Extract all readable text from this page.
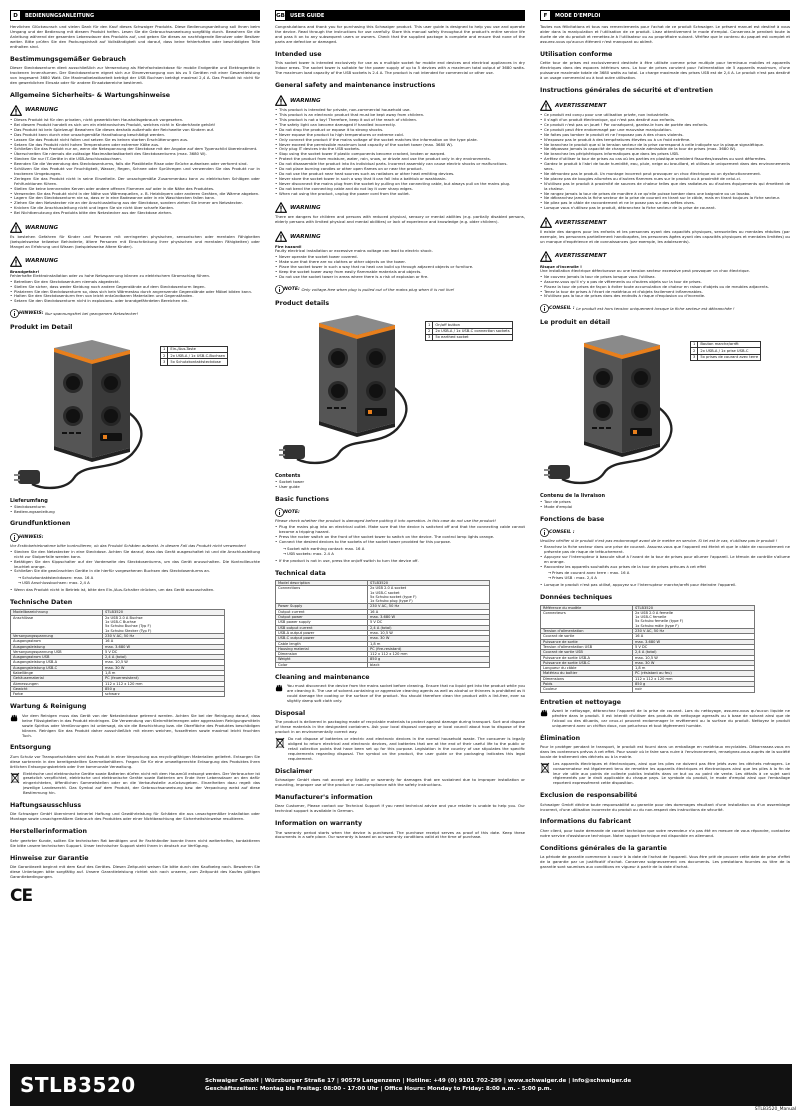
D	BEDIENUNGSANLEITUNG

Herzlichen Glückwunsch und vielen Dank für den Kauf dieses Schwaiger Produkts. Diese Bedienungsanleitung soll Ihnen beim Umgang und der Bedienung mit diesem Produkt helfen. Lesen Sie die Gebrauchsanweisung sorgfältig durch. Bewahren Sie die Anleitung während der gesamten Lebensdauer des Produkts auf, und geben Sie dieses an nachfolgende Benutzer oder Besitzer weiter. Bitte prüfen Sie den Packungsinhalt auf Vollständigkeit und darauf, dass keine fehlerhaften oder beschädigten Teile enthalten sind.

Bestimmungsgemäßer Gebrauch

Dieser Steckdosenturm dient ausschließlich zur Verwendung als Mehrfachsteckdose für mobile Endgeräte und Elektrogeräte in trockenen Innenräumen. Der Steckdosenturm eignet sich zur Stromversorgung von bis zu 5 Geräten mit einer Gesamtleistung von insgesamt 3680 Watt. Die Maximalbelastbarkeit beträgt der USB Buchsen beträgt maximal 2,4 A. Das Produkt ist nicht für den gewerblichen Einsatz oder für andere Einsatzbereiche bestimmt.

Allgemeine Sicherheits- & Wartungshinweise
WARNUNG
• Dieses Produkt ist für den privaten, nicht gewerblichen Haushaltsgebrauch vorgesehen.
• Bei diesem Produkt handelt es sich um ein elektronisches Produkt, welches nicht in Kinderhände gehört!
• Das Produkt ist kein Spielzeug! Bewahren Sie dieses deshalb außerhalb der Reichweite von Kindern auf.
• Das Produkt kann durch eine unsachgemäße Handhabung beschädigt werden.
• Lassen Sie das Produkt nicht fallen und setzen Sie es keinen starken Erschütterungen aus.
• Setzen Sie das Produkt nicht hohen Temperaturen oder extremer Kälte aus.
• Schließen Sie das Produkt nur an, wenn die Netzspannung der Steckdose mit der Angabe auf dem Typenschild übereinstimmt.
• Überschreiten Sie niemals die zulässige Maximalbelastbarkeit des Steckdosenturms (max. 3680 W).
• Stecken Sie nur IT-Geräte in die USB-Anschlussbuchsen.
• Beenden Sie die Verwendung des Steckdosenturms, falls die Plastikteile Risse oder Brüche aufweisen oder verformt sind.
• Schützen Sie das Produkt vor Feuchtigkeit, Wasser, Regen, Schnee oder Sprühregen und verwenden Sie das Produkt nur in trockenen Umgebungen.
• Zerlegen Sie das Produkt nicht in seine Einzelteile. Der unsachgemäße Zusammenbau kann zu elektrischen Schlägen oder Fehlfunktionen führen.
• Stellen Sie keine brennenden Kerzen oder andere offenen Flammen auf oder in die Nähe des Produktes.
• Verwenden Sie das Produkt nicht in der Nähe von Wärmequellen, z. B. Heizkörpern oder anderen Geräten, die Wärme abgeben.
• Lagern Sie den Steckdosenturm nie so, dass er in eine Badewanne oder in ein Waschbecken fallen kann.
• Ziehen Sie den Netzstecker nie an der Anschlussleitung aus der Steckdose, sondern ziehen Sie immer am Netzstecker.
• Knicken Sie die Anschlussleitung nicht und legen Sie sie nicht über scharfe Kanten.
• Bei Nichtbenutzung des Produkts bitte den Netzstecker aus der Steckdose ziehen.
WARNUNG

Es bestehen Gefahren für Kinder und Personen mit verringerten physischen, sensorischen oder mentalen Fähigkeiten (beispielsweise teilweise Behinderte, ältere Personen mit Einschränkung ihrer physischen und mentalen Fähigkeiten) oder Mangel an Erfahrung und Wissen (beispielsweise ältere Kinder).

WARNUNG
Brandgefahr!

Fehlerhafte Elektroinstallation oder zu hohe Netzspannung können zu elektrischem Stromschlag führen.

• Betreiben Sie den Steckdosenturm niemals abgedeckt.
• Stellen Sie sicher, dass weder Kleidung noch andere Gegenstände auf dem Steckdosenturm liegen.
• Platzieren Sie den Steckdosenturm so, dass sich kein Wärmestau durch angrenzende Gegenstände oder Möbel bilden kann.
• Halten Sie den Steckdosenturm fern von leicht entzündbaren Materialien und Gegenständen.
• Setzen Sie den Steckdosenturm nicht in explosions- oder brandgefährdeten Bereichen ein.
HINWEIS:
Nur spannungsfrei bei gezogenem Netzstecker!
Produkt im Detail
1	Ein-/Aus-Taste
2	2x USB-A / 1x USB-C-Buchsen
3	5x Schutzkontaktsteckdose
Lieferumfang
• Steckdosenturm
• Bedienungsanleitung
Grundfunktionen
HINWEIS:

Vor Erstinbetriebnahme bitte kontrollieren, ob das Produkt Schäden aufweist. In diesem Fall das Produkt nicht verwenden!

• Stecken Sie den Netzstecker in eine Steckdose. Achten Sie darauf, dass das Gerät ausgeschaltet ist und die Anschlussleitung nicht zur Stolperfalle werden kann.
• Betätigen Sie den Kippschalter auf der Vorderseite des Steckdosenturms, um das Gerät anzuschalten. Die Kontrollleuchte leuchtet orange.
• Schließen Sie die gewünschten Geräte in die hierfür vorgesehenen Buchsen des Steckdosenturms an.
→ Schutzkontaktsteckdosen: max. 16 A
→ USB Anschlussbuchsen: max. 2,4 A
• Wenn das Produkt nicht in Betrieb ist, bitte den Ein-/Aus-Schalter drücken, um das Gerät auszuschalten.
Technische Daten
Modellbezeichnung	STLB3520
Anschlüsse	2x USB 2.0 A Buchse
1x USB-C Buchse
5x Schuko Buchse (Typ F)
1x Schuko Stecker (Typ F)
Versorgungsspannung	230 V AC, 50 Hz
Ausgangsstrom	16 A
Ausgangsleistung	max. 3.680 W
Versorgungsspannung USB	5 V DC
Ausgangsstrom USB	2,4 A (total)
Ausgangsleistung USB-A	max. 10,5 W
Ausgangsleistung USB-C	max. 30 W
Kabellänge	1,8 m
Gehäusematerial	PC (feuerresistent)
Abmessungen	112 x 112 x 120 mm
Gewicht	850 g
Farbe	schwarz
Wartung & Reinigung

Vor dem Reinigen muss das Gerät von der Netzsteckdose getrennt werden. Achten Sie bei der Reinigung darauf, dass keine Flüssigkeiten in das Produkt eindringen. Die Verwendung von Kleinmittelmengen oder aggressiven Reinigungsmitteln sowie Spiritus oder Verdünnungen ist untersagt, da sie die Beschichtung bzw. die Oberfläche des Produktes beschädigen können. Reinigen Sie das Produkt daher ausschließlich mit einem weichen, fusselfreien sowie maximal leicht feuchten Tuch.

Entsorgung

Zum Schutz vor Transportschäden wird das Produkt in einer Verpackung aus recyclingfähigen Materialien geliefert. Entsorgen Sie diese sortenrein in den bereitgestellten Sammelbehältern. Fragen Sie für eine umweltgerechte Entsorgung des Produktes Ihren örtlichen Entsorgungsbetrieb oder Ihre kommunale Verwaltung.

Elektrische und elektronische Geräte sowie Batterien dürfen nicht mit dem Hausmüll entsorgt werden. Der Verbraucher ist gesetzlich verpflichtet, elektrische und elektronische Geräte sowie Batterien am Ende ihrer Lebensdauer an den dafür eingerichteten, öffentlichen Sammelstellen oder an die Verkaufsstelle zurückzugeben. Einzelheiten dazu regelt das jeweilige Landesrecht. Das Symbol auf dem Produkt, der Gebrauchsanweisung bzw. der Verpackung weist auf diese Bestimmung hin.

Haftungsausschluss

Die Schwaiger GmbH übernimmt keinerlei Haftung und Gewährleistung für Schäden die aus unsachgemäßer Installation oder Montage sowie unsachgemäßem Gebrauch des Produktes oder einer Nichtbeachtung der Sicherheitshinweise resultieren.

Herstellerinformation

Sehr geehrter Kunde, sollten Sie technischen Rat benötigen und Ihr Fachhändler konnte Ihnen nicht weiterhelfen, kontaktieren Sie bitte unsere technischen Support. Unser technischer Support steht Ihnen in deutsch zur Verfügung.

Hinweise zur Garantie

Die Garantiezeit beginnt mit dem Kauf des Gerätes. Diesen Zeitpunkt weisen Sie bitte durch den Kaufbeleg nach. Bewahren Sie diese Unterlagen bitte sorgfältig auf. Unsere Garantieleistung richtet sich nach unseren, zum Zeitpunkt des Kaufes gültigen Garantiebedingungen.

CE
GB USER GUIDE

Congratulations and thank you for purchasing this Schwaiger product. This user guide is designed to help you use and operate the device. Read through the instructions for use carefully. Store this manual safely throughout the product's entire service life and pass it on to any subsequent users or owners. Check that the supplied package is complete and ensure that none of the parts are defective or damaged.

Intended use

This socket tower is intended exclusively for use as a multiple socket for mobile end devices and electrical appliances in dry indoor areas. The socket tower is suitable for the power supply of up to 5 devices with a maximum total output of 3680 watts. The maximum load capacity of the USB sockets is 2.4 A. The product is not intended for commercial or other use.

General safety and maintenance instructions
WARNING
• This product is intended for private, non-commercial household use.
• This product is an electronic product that must be kept away from children.
• This product is not a toy! Therefore, keep it out of the reach of children.
• The safety light can become damaged if handled incorrectly.
• Do not drop the product or expose it to strong shocks.
• Never expose the product to high temperatures or extreme cold.
• Only connect the product if the mains voltage of the socket matches the information on the type plate.
• Never exceed the permissible maximum load capacity of the socket tower (max. 3680 W).
• Only plug IT devices into the USB sockets.
• Stop using the socket tower if plastic components become cracked, broken or warped.
• Protect the product from moisture, water, rain, snow, or drizzle and use the product only in dry environments.
• Do not disassemble the product into its individual parts. Incorrect assembly can cause electric shocks or malfunctions.
• Do not place burning candles or other open flames on or near the product.
• Do not use the product near heat sources such as radiators or other heat emitting devices.
• Never store the socket tower in such a way that it can fall into a bathtub or washbasin.
• Never disconnect the mains plug from the socket by pulling on the connecting cable, but always pull on the mains plug.
• Do not bend the connecting cable and do not lay it over sharp edges.
• When not using the product, unplug the power cord from the outlet.
WARNING

There are dangers for children and persons with reduced physical, sensory or mental abilities (e.g. partially disabled persons, elderly persons with limited physical and mental abilities) or lack of experience and knowledge (e.g. older children).

WARNING
Fire hazard!

Faulty electrical installation or excessive mains voltage can lead to electric shock.

• Never operate the socket tower covered.
• Make sure that there are no clothes or other objects on the tower.
• Place the socket tower in such a way that no heat can build up through adjacent objects or furniture.
• Keep the socket tower away from easily flammable materials and objects.
• Do not use the socket tower in areas where there is a risk of explosion or fire.
NOTE:
Only voltage-free when plug is pulled out of the mains plug when it is not live!
Product details
1	On/off button
2	2x USB-A / 1x USB-C connection sockets
3	5x earthed socket
Contents
• Socket tower
• User guide
Basic functions
NOTE:

Please check whether the product is damaged before putting it into operation. In this case do not use the product!

• Plug the mains plug into an electrical outlet. Make sure that the device is switched off and that the connecting cable cannot become a tripping hazard.
• Press the rocker switch on the front of the socket tower to switch on the device. The control lamp lights orange.
• Connect the desired devices to the sockets of the socket tower provided for this purpose.
→ Socket with earthing contact: max. 16 A
→ USB sockets: max. 2.4 A
• If the product is not in use, press the on/off switch to turn the device off.
Technical data
Model description	STLB3520
Connections	2x USB 2.0 A socket
1x USB-C socket
5x Schuko socket (type F)
1x Schuko plug (type F)
Power Supply	230 V AC, 50 Hz
Output current	16 A
Output power	max. 3.680 W
USB power supply	5 V DC
USB output current	2,4 A (total)
USB-A output power	max. 10,5 W
USB-C output power	max. 30 W
Cable length	1,8 m
Housing material	PC (fire-resistant)
Dimension	112 x 112 x 120 mm
Weight	850 g
Color	black
Cleaning and maintenance

You must disconnect the device from the mains socket before cleaning. Ensure that no liquid get into the product while you are cleaning it. The use of solvent-containing or aggressive cleaning agents as well as alcohol or thinners is prohibited as it could damage the coating or the surface of the product. You should therefore clean the product with a lint-free, ever so slightly damp soft cloth only.

Disposal

The product is delivered in packaging made of recyclable materials to protect against damage during transport. Sort and dispose of these materials in the designated containers. Ask your local disposal company or local council about how to dispose of the product in an environmentally correct way.

Do not dispose of batteries or electric and electronic devices in the normal household waste. The consumer is legally obliged to return electrical and electronic devices, and batteries that are at the end of their useful life to the public or retail collection points that have been set up for this purpose. Legislation in the country of use stipulates the specific requirements regarding disposal. The symbol on the product, the user guide or the packaging indicates this legal requirement.

Disclaimer

Schwaiger GmbH does not accept any liability or warranty for damages that are sustained due to improper installation or mounting, improper use of the product or non-compliance with the safety instructions.

Manufacturer's information

Dear Customer, Please contact our Technical Support if you need technical advice and your retailer is unable to help you. Our technical support is available in German.

Information on warranty

The warranty period starts when the device is purchased. The purchase receipt serves as proof of this date. Keep these documents in a safe place. Our warranty is based on our warranty conditions valid at the time of purchase.

F	MODE D'EMPLOI

Toutes nos félicitations et tous nos remerciements pour l'achat de ce produit Schwaiger. Le présent manuel est destiné à vous aider dans la manipulation et l'utilisation de ce produit. Lisez attentivement le mode d'emploi. Conservez-le pendant toute la durée de vie du produit et remettez-le à l'utilisateur ou au propriétaire suivant. Vérifiez que le contenu du paquet est complet et assurez-vous qu'aucun élément n'est manquant ou abîmé.

Utilisation conforme

Cette tour de prises est exclusivement destinée à être utilisée comme prise multiple pour terminaux mobiles et appareils électriques dans des espaces intérieurs secs. La tour de prises convient pour l'alimentation de 5 appareils maximum, d'une puissance maximale totale de 3680 watts au total. La charge maximale des prises USB est de 2,4 A. Le produit n'est pas destiné à un usage commercial ou à tout autre utilisation.

Instructions générales de sécurité et d'entretien
AVERTISSEMENT
• Ce produit est conçu pour une utilisation privée, non industrielle.
• Il s'agit d'un produit électronique, qui n'est pas destiné aux enfants.
• Ce produit n'est pas un jouet ! Par conséquent, gardez-le hors de portée des enfants.
• Ce produit peut être endommagé par une mauvaise manipulation.
• Ne faites pas tomber le produit et ne l'exposez pas à des chocs violents.
• N'exposez pas le produit à des températures élevées ou à un froid extrême.
• Ne branchez le produit que si la tension secteur de la prise correspond à celle indiquée sur la plaque signalétique.
• Ne dépassez jamais la capacité de charge maximale admissible de la tour de prises (max. 3680 W).
• Ne branchez les périphériques informatiques que dans les prises USB.
• Arrêtez d'utiliser la tour de prises au cas où les parties en plastique semblent fissurées/cassées ou sont déformées.
• Gardez le produit à l'abri de toute humidité, eau, pluie, neige ou brouillard, et utilisez-le uniquement dans des environnements secs.
• Ne démontez pas le produit. Un montage incorrect peut provoquer un choc électrique ou un dysfonctionnement.
• Ne placez pas de bougies allumées ou d'autres flammes nues sur le produit ou à proximité de celui-ci.
• N'utilisez pas le produit à proximité de sources de chaleur telles que des radiateurs ou d'autres équipements qui émettent de la chaleur.
• Ne rangez jamais la tour de prises de manière à ce qu'elle puisse tomber dans une baignoire ou un lavabo.
• Ne débranchez jamais la fiche secteur de la prise de courant en tirant sur le câble, mais en tirant toujours la fiche secteur.
• Ne pliez pas le câble de raccordement et ne le posez pas sur des arêtes vives.
• Lorsque vous n'utilisez pas le produit, débranchez la fiche secteur de la prise de courant.
AVERTISSEMENT

Il existe des dangers pour les enfants et les personnes ayant des capacités physiques, sensorielles ou mentales réduites (par exemple, les personnes partiellement handicapées, les personnes âgées ayant des capacités physiques et mentales limitées) ou un manque d'expérience et de connaissances (par exemple, les adolescents).

AVERTISSEMENT
Risque d'incendie !

Une installation électrique défectueuse ou une tension secteur excessive peut provoquer un choc électrique.

• Ne couvrez jamais la tour de prises lorsque vous l'utilisez.
• Assurez-vous qu'il n'y a pas de vêtements ou d'autres objets sur la tour de prises.
• Placez la tour de prises de façon à éviter toute accumulation de chaleur en raison d'objets ou de meubles adjacents.
• Tenez la tour de prises à l'écart de matériaux et d'objets facilement inflammables.
• N'utilisez pas la tour de prises dans des endroits à risque d'explosion ou d'incendie.
CONSEIL :
Le produit est hors tension uniquement lorsque la fiche secteur est débranchée !
Le produit en détail
1	Bouton marche/arrêt
2	2x USB-A / 1x prise USB-C
3	5x prises de courant avec terre
Contenu de la livraison
• Tour de prises
• Mode d'emploi
Fonctions de base
CONSEIL :

Veuillez vérifier si le produit n'est pas endommagé avant de le mettre en service. Si tel est le cas, n'utilisez pas le produit !

• Branchez la fiche secteur dans une prise de courant. Assurez-vous que l'appareil est éteint et que le câble de raccordement ne présente pas de risque de trébuchement.
• Appuyez sur l'interrupteur à bascule situé à l'avant de la tour de prises pour allumer l'appareil. Le témoin de contrôle s'allume en orange.
• Raccordez les appareils souhaités aux prises de la tour de prises prévues à cet effet
→ Prises de courant avec terre : max. 16 A
→ Prises USB : max. 2,4 A
• Lorsque le produit n'est pas utilisé, appuyez sur l'interrupteur marche/arrêt pour éteindre l'appareil.
Données techniques
Référence du modèle	STLB3520
Connecteurs	2x USB 2.0 A femelle
1x USB-C femelle
5x Schuko femelle (type F)
1x Schuko mâle (type F)
Tension d'alimentation	230 V AC, 50 Hz
Courant de sortie	16 A
Puissance de sortie	max. 3.680 W
Tension d'alimentation USB	5 V DC
Courant de sortie USB	2,4 A (total)
Puissance de sortie USB-A	max. 10,5 W
Puissance de sortie USB-C	max. 30 W
Longueur du câble	1,8 m
Matériau du boîtier	PC (résistant au feu)
Dimensions	112 x 112 x 120 mm
Poids	850 g
Couleur	noir
Entretien et nettoyage

Avant le nettoyage, débranchez l'appareil de la prise de courant. Lors du nettoyage, assurez-vous qu'aucun liquide ne pénètre dans le produit. Il est interdit d'utiliser des produits de nettoyage agressifs ou à base de solvant ainsi que de l'alcool ou des diluants, car ceux-ci peuvent endommager le revêtement ou la surface du produit. Nettoyez le produit uniquement avec un chiffon doux, non pelucheux et tout légèrement humide.

Élimination

Pour le protéger pendant le transport, le produit est fourni dans un emballage en matériaux recyclables. Débarrassez-vous en dans les conteneurs prévus à cet effet. Pour savoir où le faire sans nuire à l'environnement, renseignez-vous auprès de la société locale de traitement des déchets ou à la mairie.

Les appareils électriques et électroniques, ainsi que les piles ne doivent pas être jetés avec les déchets ménagers. Le consommateur est légalement tenu de remettre les appareils électriques et électroniques ainsi que les piles à la fin de leur vie utile aux points de collecte publics installés dans ce but ou au point de vente. Les détails à ce sujet sont réglementés par le droit applicable du chaque pays. Le symbole du produit, le mode d'emploi ainsi que l'emballage reportent expressément cette disposition.

Exclusion de responsabilité

Schwaiger GmbH décline toute responsabilité ou garantie pour des dommages résultant d'une installation ou d'un assemblage incorrect, d'une utilisation incorrecte du produit ou du non-respect des instructions de sécurité.

Informations du fabricant

Cher client, pour toute demande de conseil technique que votre revendeur n'a pas été en mesure de vous répondre, contactez notre service d'assistance technique. Notre support technique est disponible en allemand.

Conditions générales de la garantie

La période de garantie commence à courir à la date de l'achat de l'appareil. Vous être prié de prouver cette date de prise d'effet de la garantie par un justificatif d'achat. Conservez soigneusement ces documents. Les prestations fournies au titre de la garantie sont soumises aux conditions en vigueur à partir de la date d'achat.

STLB3520	Schwaiger GmbH | Würzburger Straße 17 | 90579 Langenzenn | Hotline: +49 (0) 9101 702-299 | www.schwaiger.de | info@schwaiger.de
Geschäftszeiten: Montag bis Freitag: 08:00 - 17:00 Uhr | Office Hours: Monday to Friday: 8:00 a.m. - 5:00 p.m.
STLB3520_Manual
